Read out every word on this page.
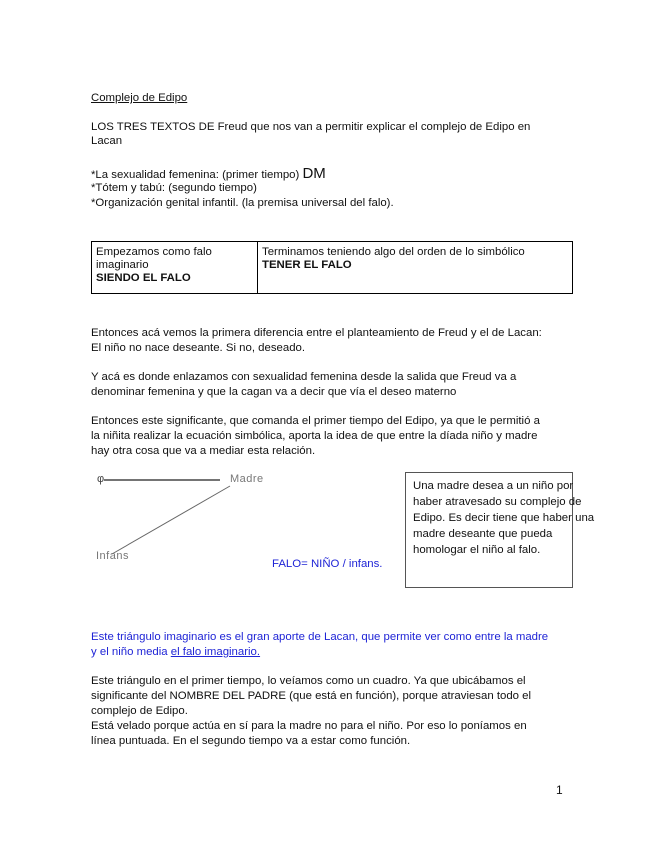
Complejo de Edipo

LOS TRES TEXTOS DE Freud que nos van a permitir explicar el complejo de Edipo en

Lacan

*La sexualidad femenina: (primer tiempo) DM

*Tótem y tabú: (segundo tiempo)

*Organización genital infantil. (la premisa universal del falo).

Empezamos como falo
imaginario
SIENDO EL FALO
Terminamos teniendo algo del orden de lo simbólico
TENER EL FALO

Entonces acá vemos la primera diferencia entre el planteamiento de Freud y el de Lacan:

El niño no nace deseante. Si no, deseado.

Y acá es donde enlazamos con sexualidad femenina desde la salida que Freud va a

denominar femenina y que la cagan va a decir que vía el deseo materno

Entonces este significante, que comanda el primer tiempo del Edipo, ya que le permitió a

la niñita realizar la ecuación simbólica, aporta la idea de que entre la díada niño y madre

hay otra cosa que va a mediar esta relación.

φ	Madre
Infans

FALO= NIÑO / infans.

Una madre desea a un niño por
haber atravesado su complejo de
Edipo. Es decir tiene que haber una
madre deseante que pueda
homologar el niño al falo.

Este triángulo imaginario es el gran aporte de Lacan, que permite ver como entre la madre

y el niño media el falo imaginario.

Este triángulo en el primer tiempo, lo veíamos como un cuadro. Ya que ubicábamos el

significante del NOMBRE DEL PADRE (que está en función), porque atraviesan todo el

complejo de Edipo.

Está velado porque actúa en sí para la madre no para el niño. Por eso lo poníamos en

línea puntuada. En el segundo tiempo va a estar como función.

1
